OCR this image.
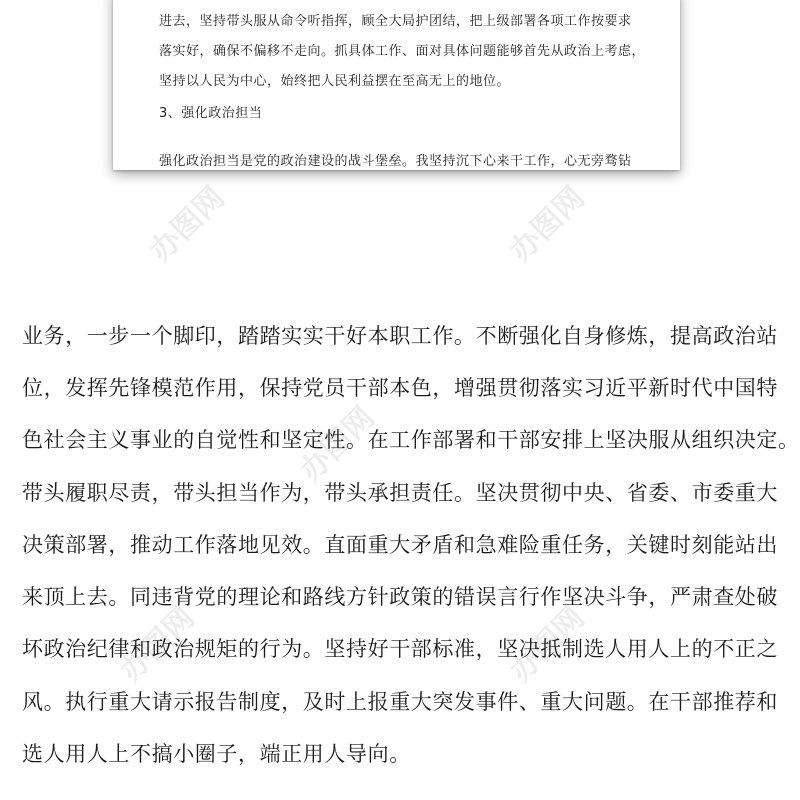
进去，坚持带头服从命令听指挥，顾全大局护团结，把上级部署各项工作按要求
落实好，确保不偏移不走向。抓具体工作、面对具体问题能够首先从政治上考虑，
坚持以人民为中心，始终把人民利益摆在至高无上的地位。
3、强化政治担当
强化政治担当是党的政治建设的战斗堡垒。我坚持沉下心来干工作，心无旁骛钻
办图网	办图网
办图网
办图网	办图网
业务，一步一个脚印，踏踏实实干好本职工作。不断强化自身修炼，提高政治站
位，发挥先锋模范作用，保持党员干部本色，增强贯彻落实习近平新时代中国特
色社会主义事业的自觉性和坚定性。在工作部署和干部安排上坚决服从组织决定。
带头履职尽责，带头担当作为，带头承担责任。坚决贯彻中央、省委、市委重大
决策部署，推动工作落地见效。直面重大矛盾和急难险重任务，关键时刻能站出
来顶上去。同违背党的理论和路线方针政策的错误言行作坚决斗争，严肃查处破
坏政治纪律和政治规矩的行为。坚持好干部标准，坚决抵制选人用人上的不正之
风。执行重大请示报告制度，及时上报重大突发事件、重大问题。在干部推荐和
选人用人上不搞小圈子，端正用人导向。
